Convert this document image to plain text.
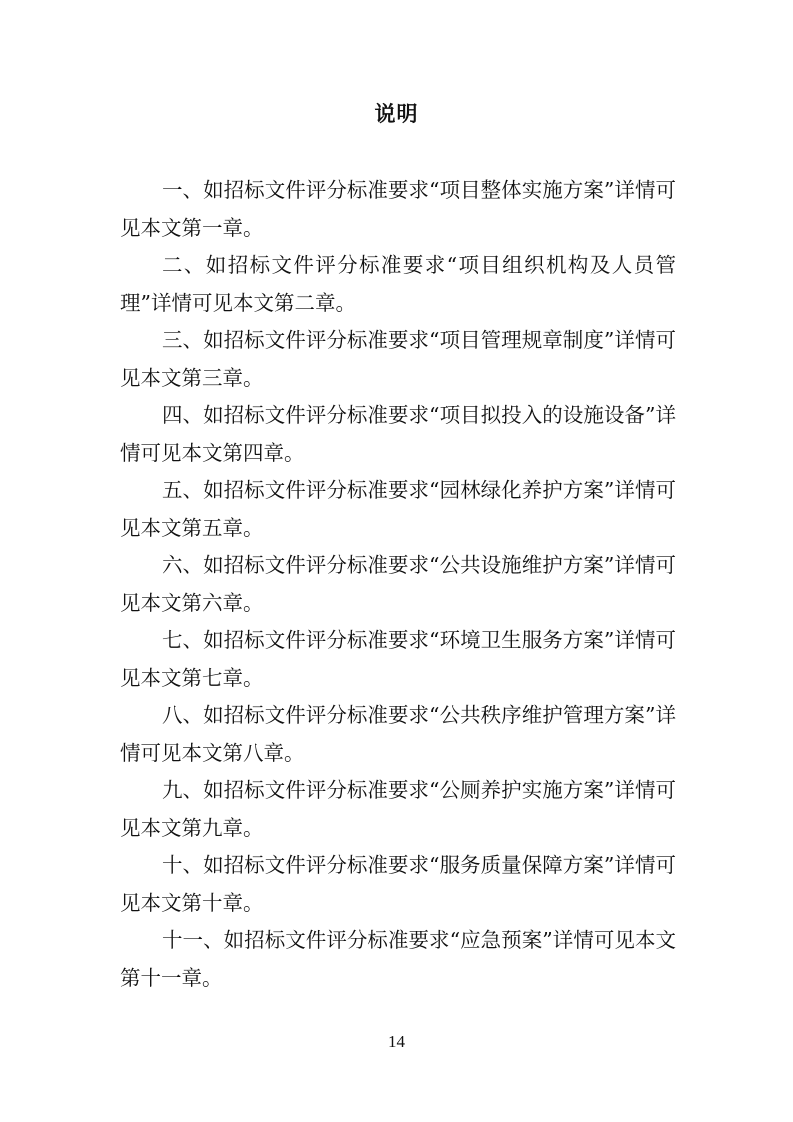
说明

一、如招标文件评分标准要求“项目整体实施方案”详情可见本文第一章。

二、如招标文件评分标准要求“项目组织机构及人员管理”详情可见本文第二章。

三、如招标文件评分标准要求“项目管理规章制度”详情可见本文第三章。

四、如招标文件评分标准要求“项目拟投入的设施设备”详情可见本文第四章。

五、如招标文件评分标准要求“园林绿化养护方案”详情可见本文第五章。

六、如招标文件评分标准要求“公共设施维护方案”详情可见本文第六章。

七、如招标文件评分标准要求“环境卫生服务方案”详情可见本文第七章。

八、如招标文件评分标准要求“公共秩序维护管理方案”详情可见本文第八章。

九、如招标文件评分标准要求“公厕养护实施方案”详情可见本文第九章。

十、如招标文件评分标准要求“服务质量保障方案”详情可见本文第十章。

十一、如招标文件评分标准要求“应急预案”详情可见本文第十一章。

14
